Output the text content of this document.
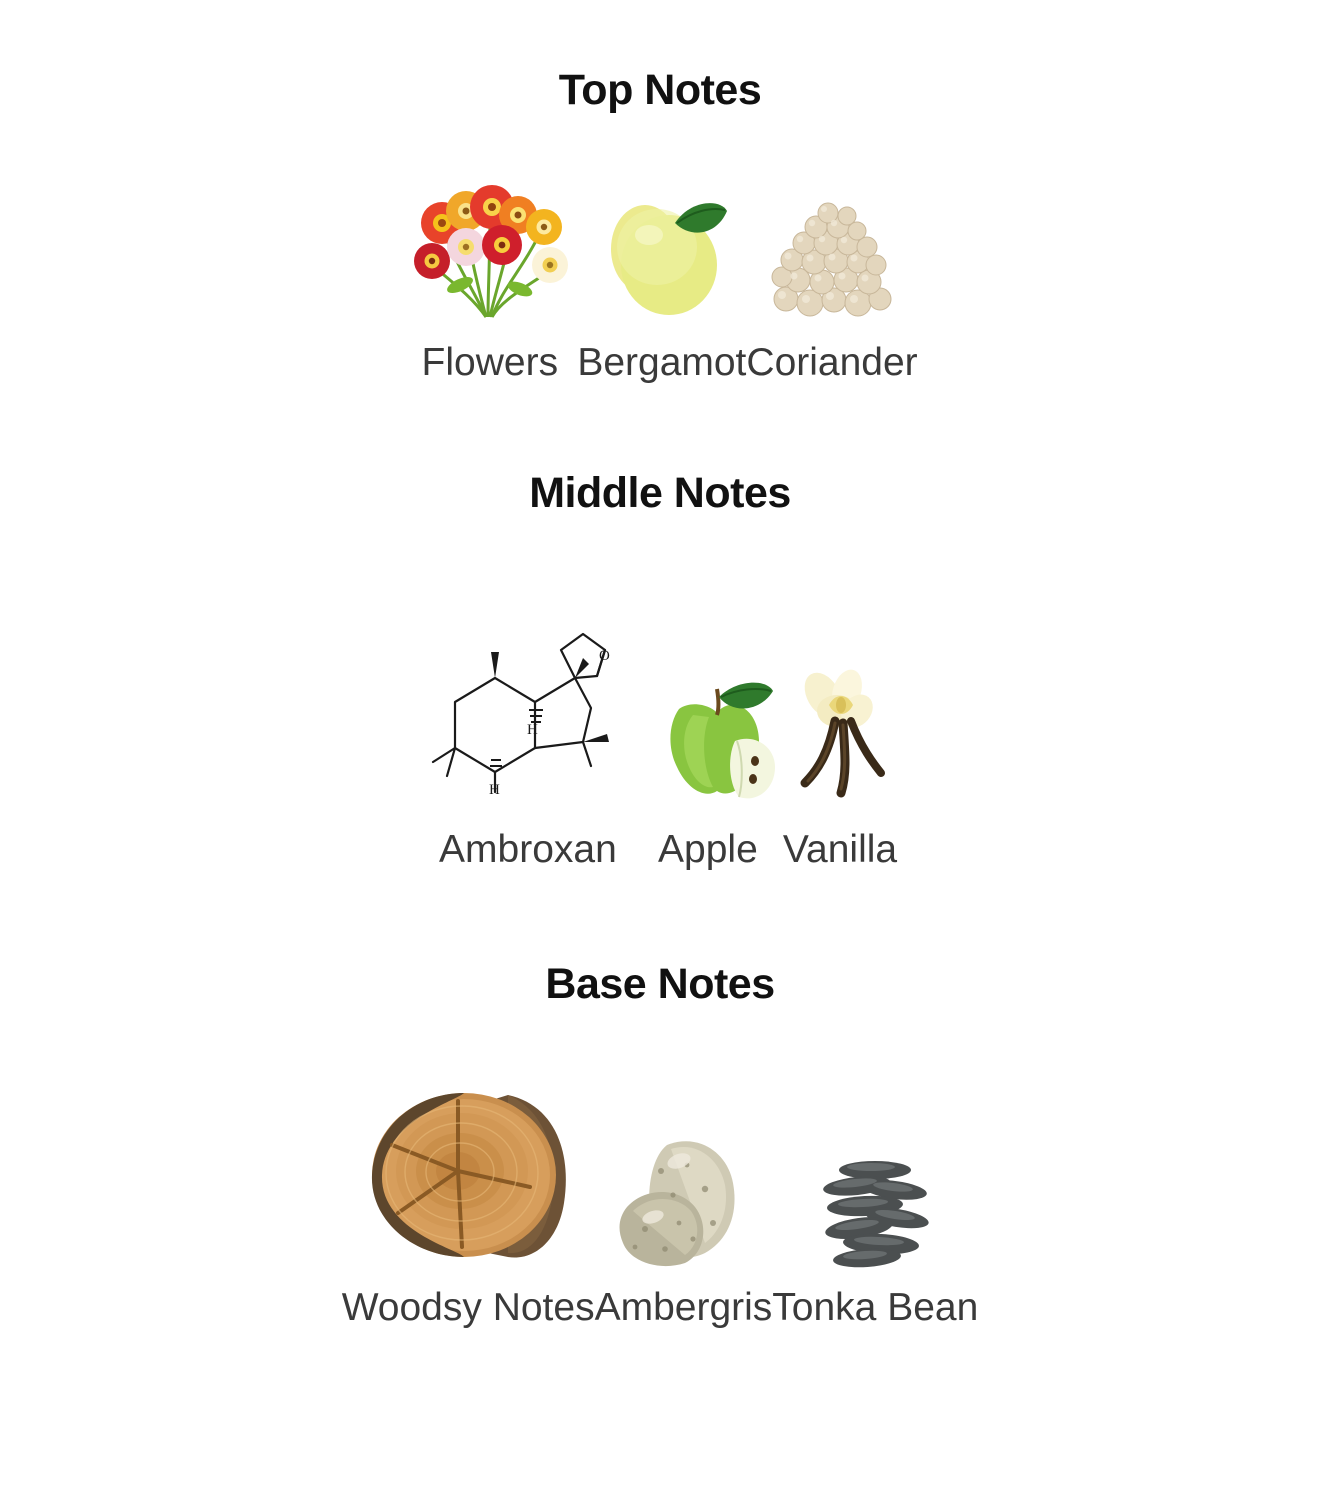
Top Notes
Flowers Bergamot Coriander
Middle Notes
O
H
H
Ambroxan Apple Vanilla
Base Notes
Woodsy Notes Ambergris Tonka Bean
